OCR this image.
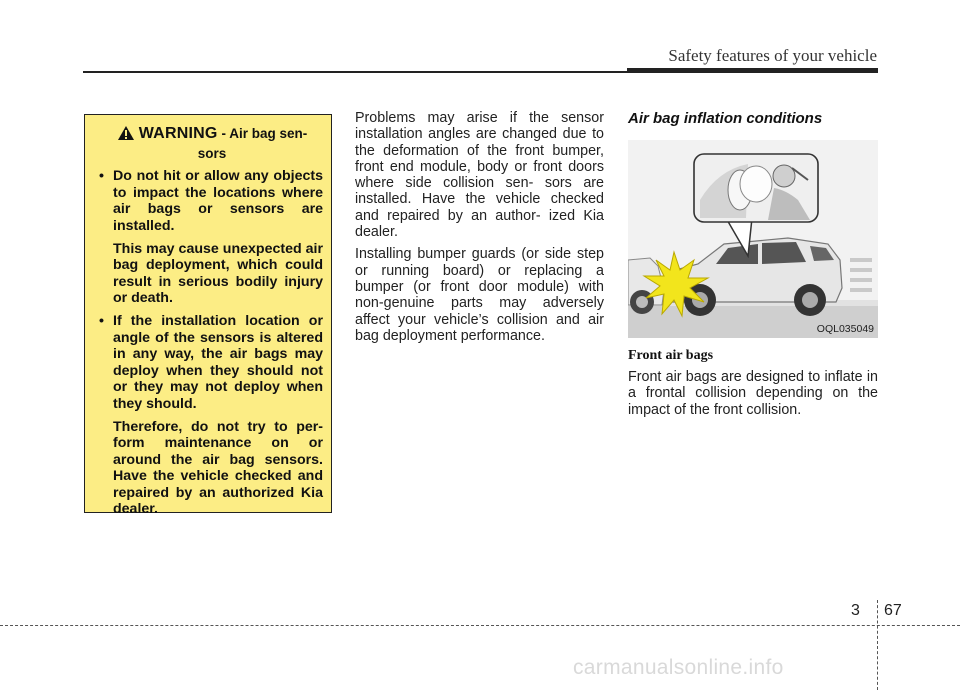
Safety features of your vehicle
WARNING - Air bag sen- sors
• Do not hit or allow any objects to impact the locations where air bags or sensors are installed.

This may cause unexpected air bag deployment, which could result in serious bodily injury or death.

• If the installation location or angle of the sensors is altered in any way, the air bags may deploy when they should not or they may not deploy when they should.

Therefore, do not try to per- form maintenance on or around the air bag sensors. Have the vehicle checked and repaired by an authorized Kia dealer.

Problems may arise if the sensor installation angles are changed due to the deformation of the front bumper, front end module, body or front doors where side collision sen- sors are installed. Have the vehicle checked and repaired by an author- ized Kia dealer.

Installing bumper guards (or side step or running board) or replacing a bumper (or front door module) with non-genuine parts may adversely affect your vehicle’s collision and air bag deployment performance.

Air bag inflation conditions
OQL035049
Front air bags
Front air bags are designed to inflate in a frontal collision depending on the impact of the front collision.
3 67
carmanualsonline.info
